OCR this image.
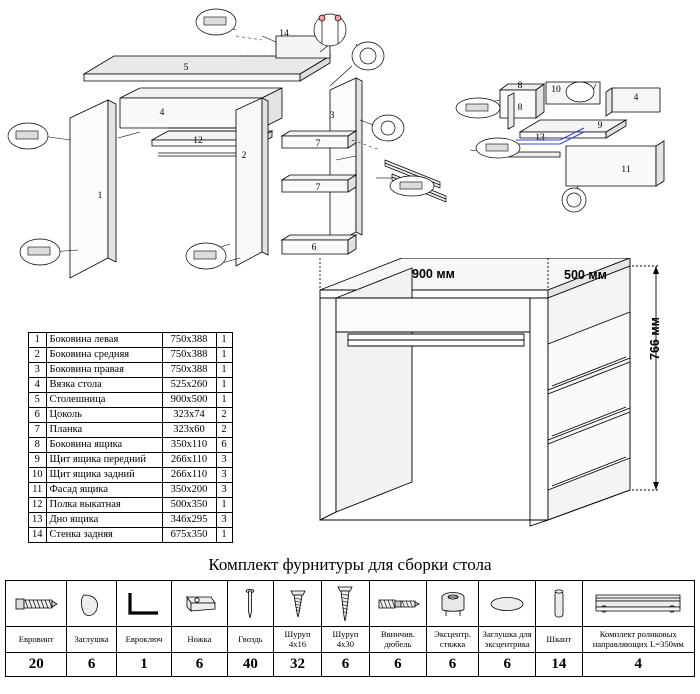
14
5
4
12
2
1
3
7
7
6
10
8
8
13
9
4
11
1	Боковина левая	750х388	1
2	Боковина средняя	750х388	1
3	Боковина правая	750х388	1
4	Вязка стола	525х260	1
5	Столешница	900х500	1
6	Цоколь	323х74	2
7	Планка	323х60	2
8	Боковина ящика	350х110	6
9	Щит ящика передний	266х110	3
10	Щит ящика задний	266х110	3
11	Фасад ящика	350х200	3
12	Полка выкатная	500х350	1
13	Дно ящика	346х295	3
14	Стенка задняя	675х350	1
900 мм	500 мм
766 мм
Комплект фурнитуры для сборки стола

Евровинт	Заглушка	Евроключ	Ножка	Гвоздь	Шуруп 4х16	Шуруп 4х30	Ввинчив. дюбель	Эксцентр. стяжка	Заглушка для эксцентрика	Шкант	Комплект роликовых направляющих L=350мм
20	6	1	6	40	32	6	6	6	6	14	4
